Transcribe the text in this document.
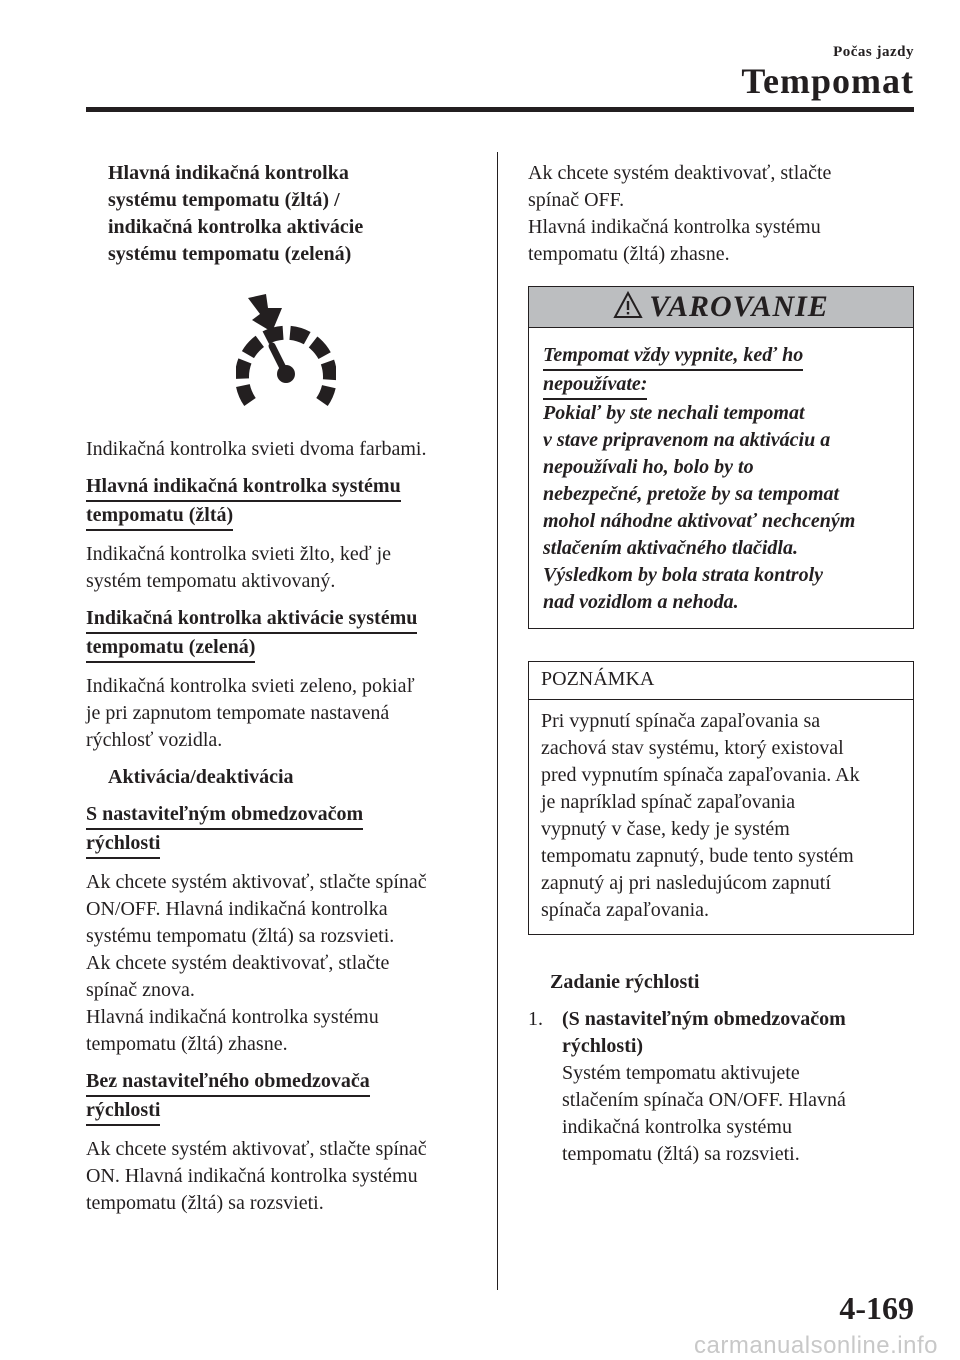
Počas jazdy
Tempomat
Hlavná indikačná kontrolka
systému tempomatu (žltá) /
indikačná kontrolka aktivácie
systému tempomatu (zelená)

Indikačná kontrolka svieti dvoma farbami.

Hlavná indikačná kontrolka systému
tempomatu (žltá)

Indikačná kontrolka svieti žlto, keď je
systém tempomatu aktivovaný.

Indikačná kontrolka aktivácie systému
tempomatu (zelená)

Indikačná kontrolka svieti zeleno, pokiaľ
je pri zapnutom tempomate nastavená
rýchlosť vozidla.

Aktivácia/deaktivácia
S nastaviteľným obmedzovačom
rýchlosti

Ak chcete systém aktivovať, stlačte spínač
ON/OFF. Hlavná indikačná kontrolka
systému tempomatu (žltá) sa rozsvieti.
Ak chcete systém deaktivovať, stlačte
spínač znova.
Hlavná indikačná kontrolka systému
tempomatu (žltá) zhasne.

Bez nastaviteľného obmedzovača
rýchlosti

Ak chcete systém aktivovať, stlačte spínač
ON. Hlavná indikačná kontrolka systému
tempomatu (žltá) sa rozsvieti.

Ak chcete systém deaktivovať, stlačte
spínač OFF.
Hlavná indikačná kontrolka systému
tempomatu (žltá) zhasne.

VAROVANIE

Tempomat vždy vypnite, keď ho
nepoužívate:
Pokiaľ by ste nechali tempomat
v stave pripravenom na aktiváciu a
nepoužívali ho, bolo by to
nebezpečné, pretože by sa tempomat
mohol náhodne aktivovať nechceným
stlačením aktivačného tlačidla.
Výsledkom by bola strata kontroly
nad vozidlom a nehoda.

POZNÁMKA

Pri vypnutí spínača zapaľovania sa
zachová stav systému, ktorý existoval
pred vypnutím spínača zapaľovania. Ak
je napríklad spínač zapaľovania
vypnutý v čase, kedy je systém
tempomatu zapnutý, bude tento systém
zapnutý aj pri nasledujúcom zapnutí
spínača zapaľovania.

Zadanie rýchlosti
1. (S nastaviteľným obmedzovačom
rýchlosti)

Systém tempomatu aktivujete
stlačením spínača ON/OFF. Hlavná
indikačná kontrolka systému
tempomatu (žltá) sa rozsvieti.

4-169
carmanualsonline.info
